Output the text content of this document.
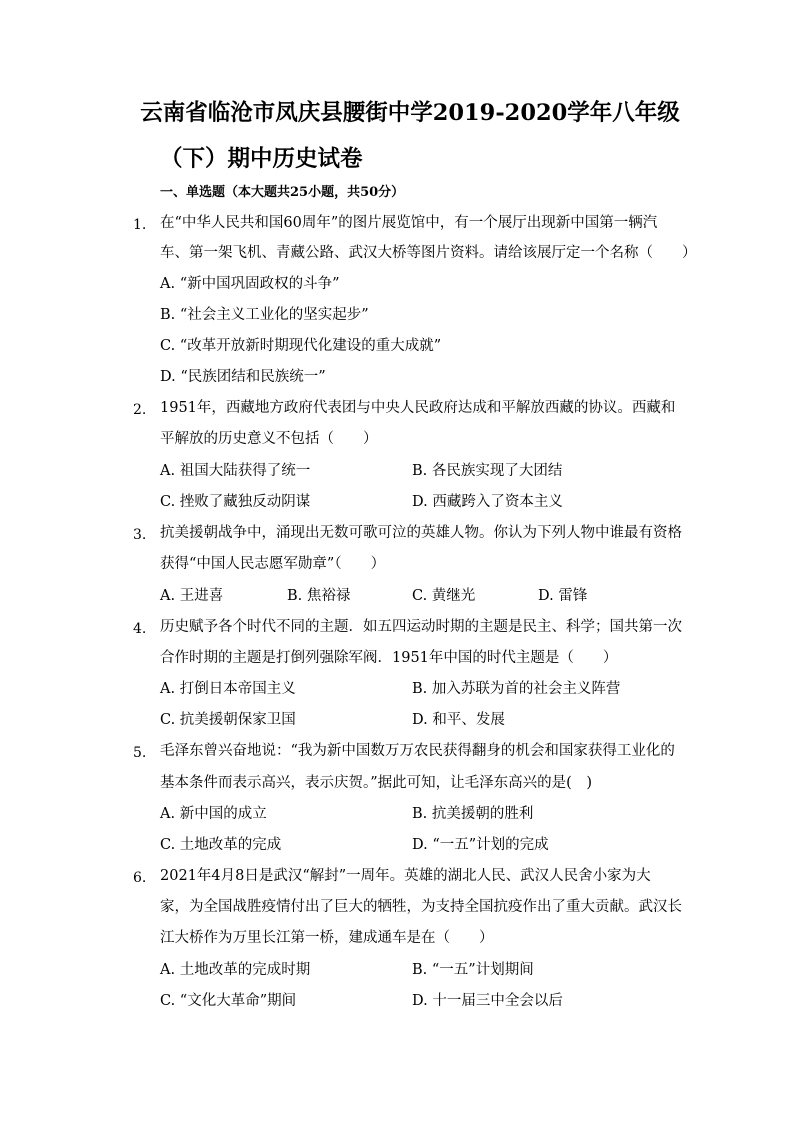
云南省临沧市凤庆县腰街中学2019-2020学年八年级
（下）期中历史试卷
一、单选题（本大题共25小题，共50分）
1. 在“中华人民共和国60周年”的图片展览馆中，有一个展厅出现新中国第一辆汽
车、第一架飞机、青藏公路、武汉大桥等图片资料。请给该展厅定一个名称（　　）
A. “新中国巩固政权的斗争”
B. “社会主义工业化的坚实起步”
C. “改革开放新时期现代化建设的重大成就”
D. “民族团结和民族统一”
2. 1951年，西藏地方政府代表团与中央人民政府达成和平解放西藏的协议。西藏和
平解放的历史意义不包括（　　）
A. 祖国大陆获得了统一	B. 各民族实现了大团结
C. 挫败了藏独反动阴谋	D. 西藏跨入了资本主义
3. 抗美援朝战争中，涌现出无数可歌可泣的英雄人物。你认为下列人物中谁最有资格
获得“中国人民志愿军勋章”（　　）
A. 王进喜	B. 焦裕禄	C. 黄继光	D. 雷锋
4. 历史赋予各个时代不同的主题．如五四运动时期的主题是民主、科学；国共第一次
合作时期的主题是打倒列强除军阀．1951年中国的时代主题是（　　）
A. 打倒日本帝国主义	B. 加入苏联为首的社会主义阵营
C. 抗美援朝保家卫国	D. 和平、发展
5. 毛泽东曾兴奋地说：“我为新中国数万万农民获得翻身的机会和国家获得工业化的
基本条件而表示高兴，表示庆贺。”据此可知，让毛泽东高兴的是(　)
A. 新中国的成立	B. 抗美援朝的胜利
C. 土地改革的完成	D. “一五”计划的完成
6. 2021年4月8日是武汉“解封”一周年。英雄的湖北人民、武汉人民舍小家为大
家，为全国战胜疫情付出了巨大的牺牲，为支持全国抗疫作出了重大贡献。武汉长
江大桥作为万里长江第一桥，建成通车是在（　　）
A. 土地改革的完成时期	B. “一五”计划期间
C. “文化大革命”期间	D. 十一届三中全会以后
